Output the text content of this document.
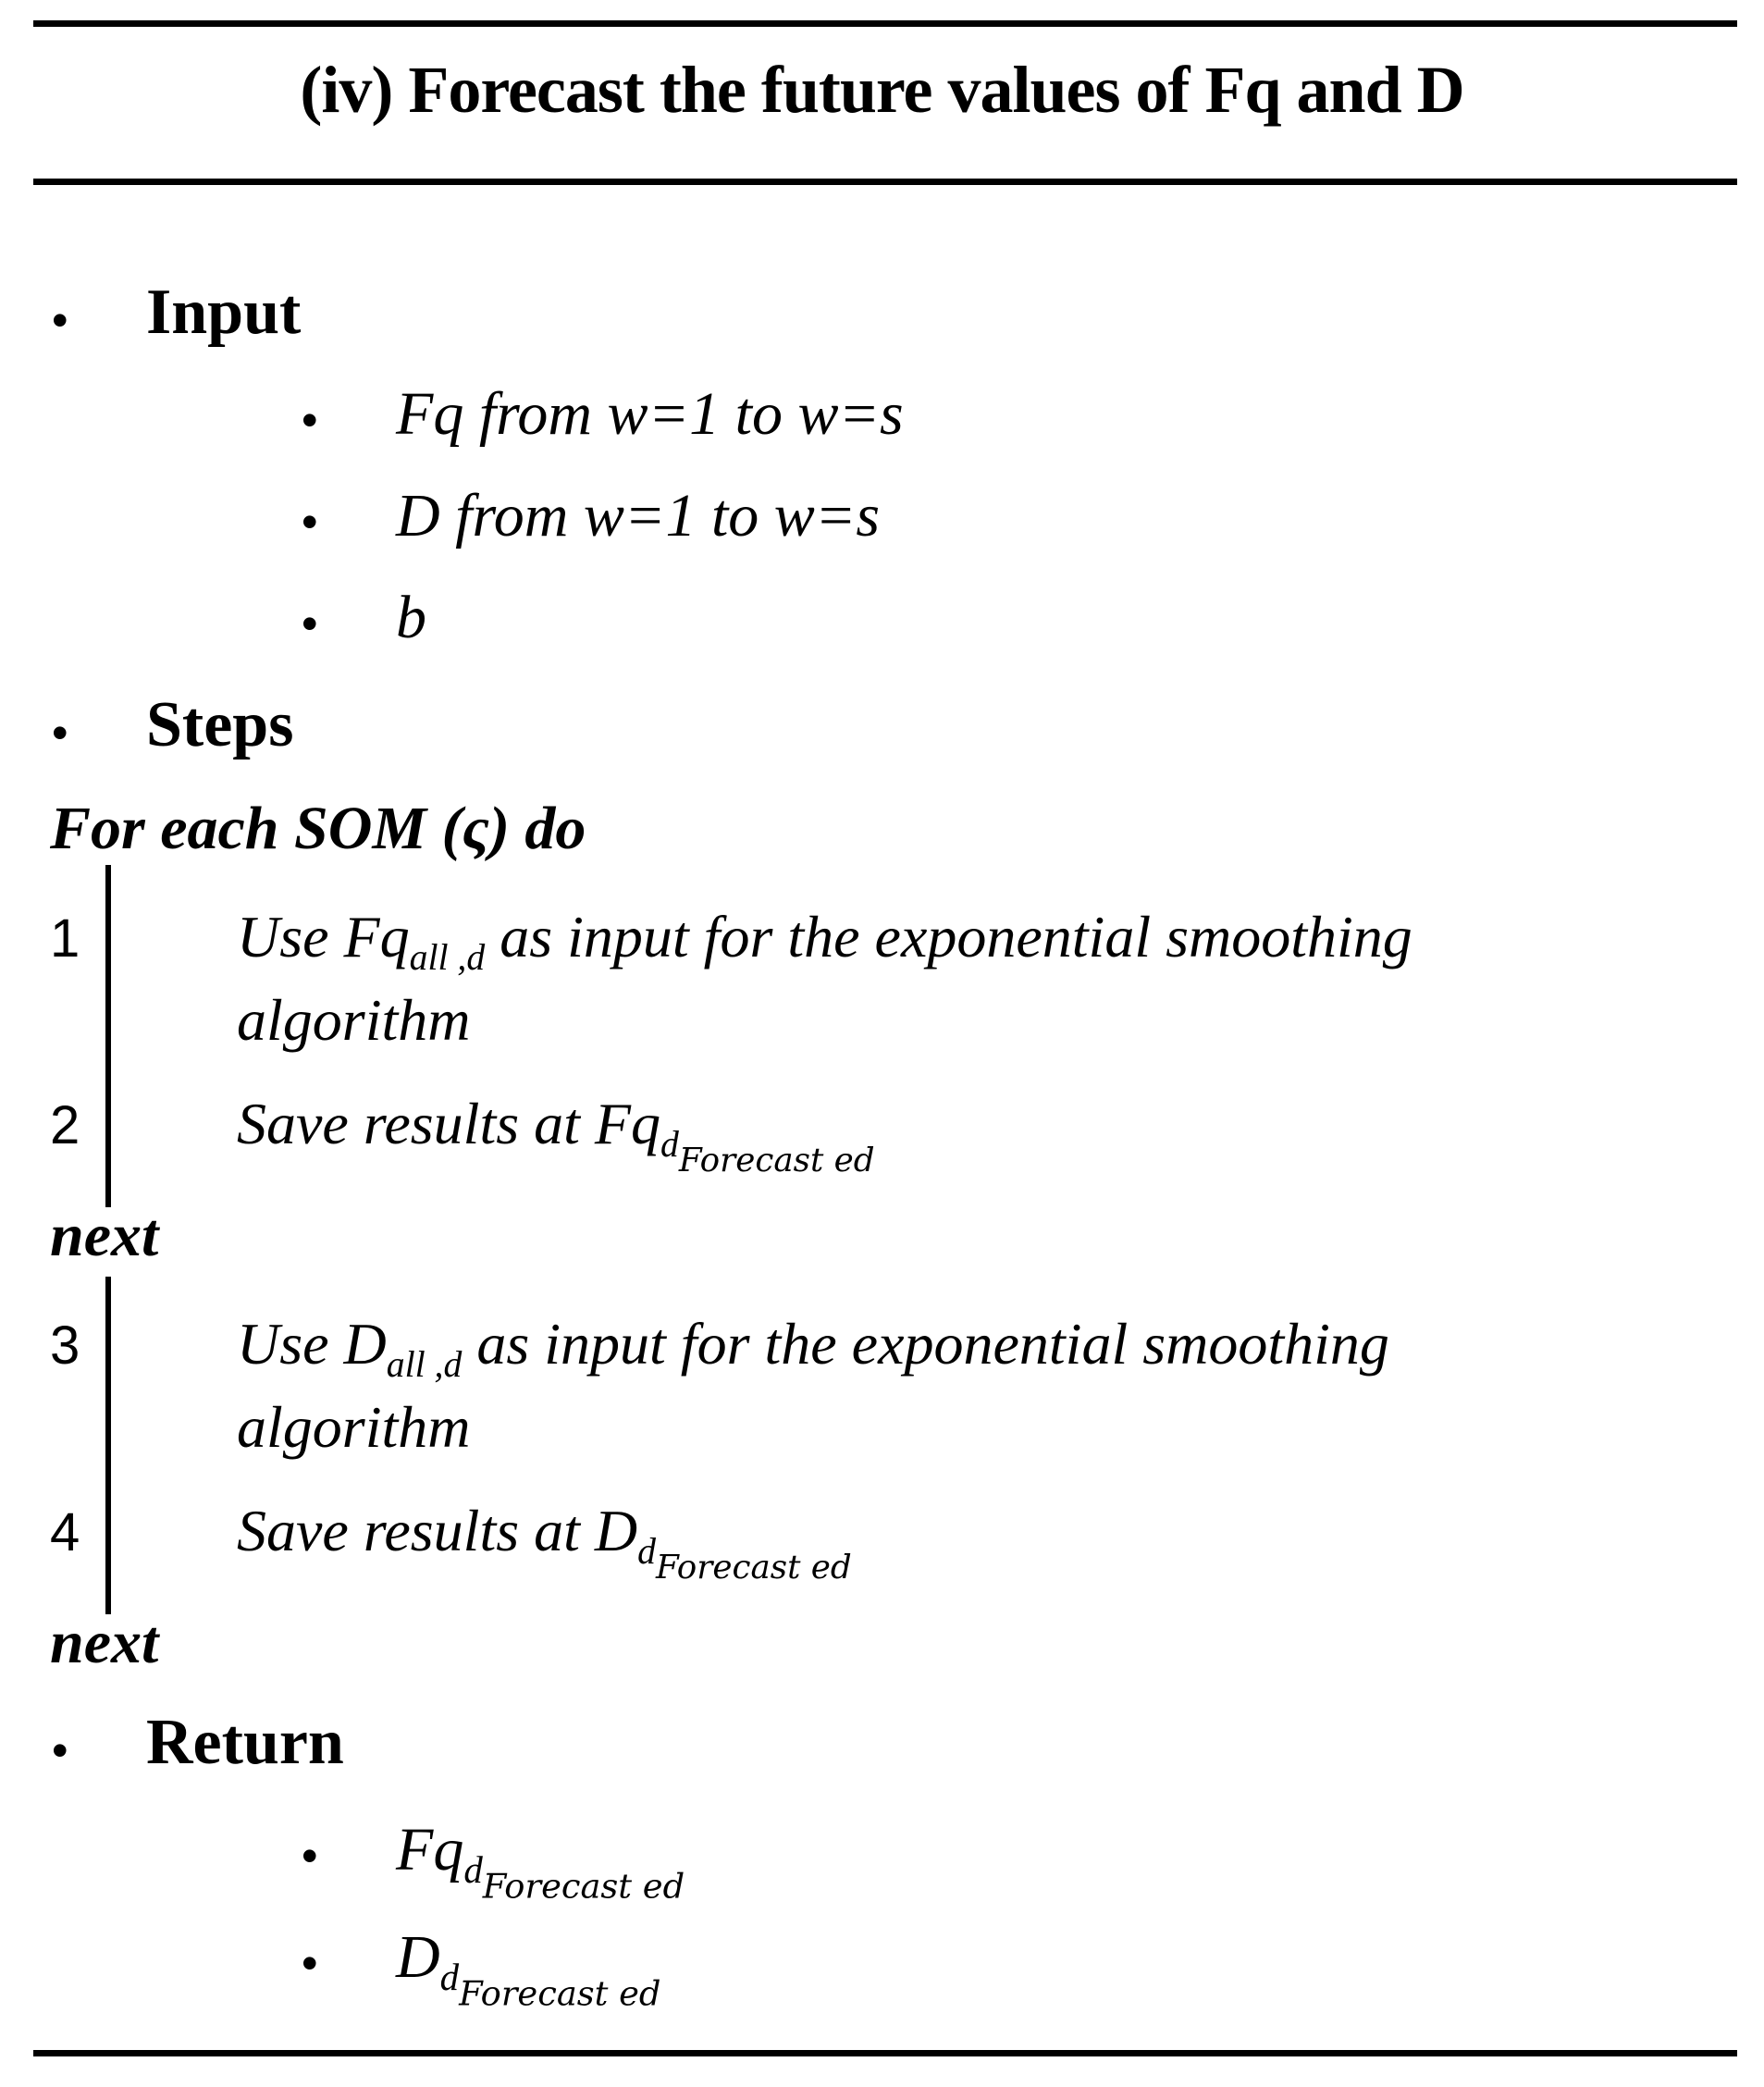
(iv) Forecast the future values of Fq and D
• Input
• Fq from w=1 to w=s
• D from w=1 to w=s
• b
• Steps
For each SOM (ς) do
1	Use $Fq_{all ,d}$ as input for the exponential smoothing
algorithm
2	Save results at $Fq_{d_{Forecast ed}}$
next
3	Use $D_{all ,d}$ as input for the exponential smoothing
algorithm
4	Save results at $D_{d_{Forecast ed}}$
next
• Return
• $Fq_{d_{Forecast ed}}$
• $D_{d_{Forecast ed}}$
